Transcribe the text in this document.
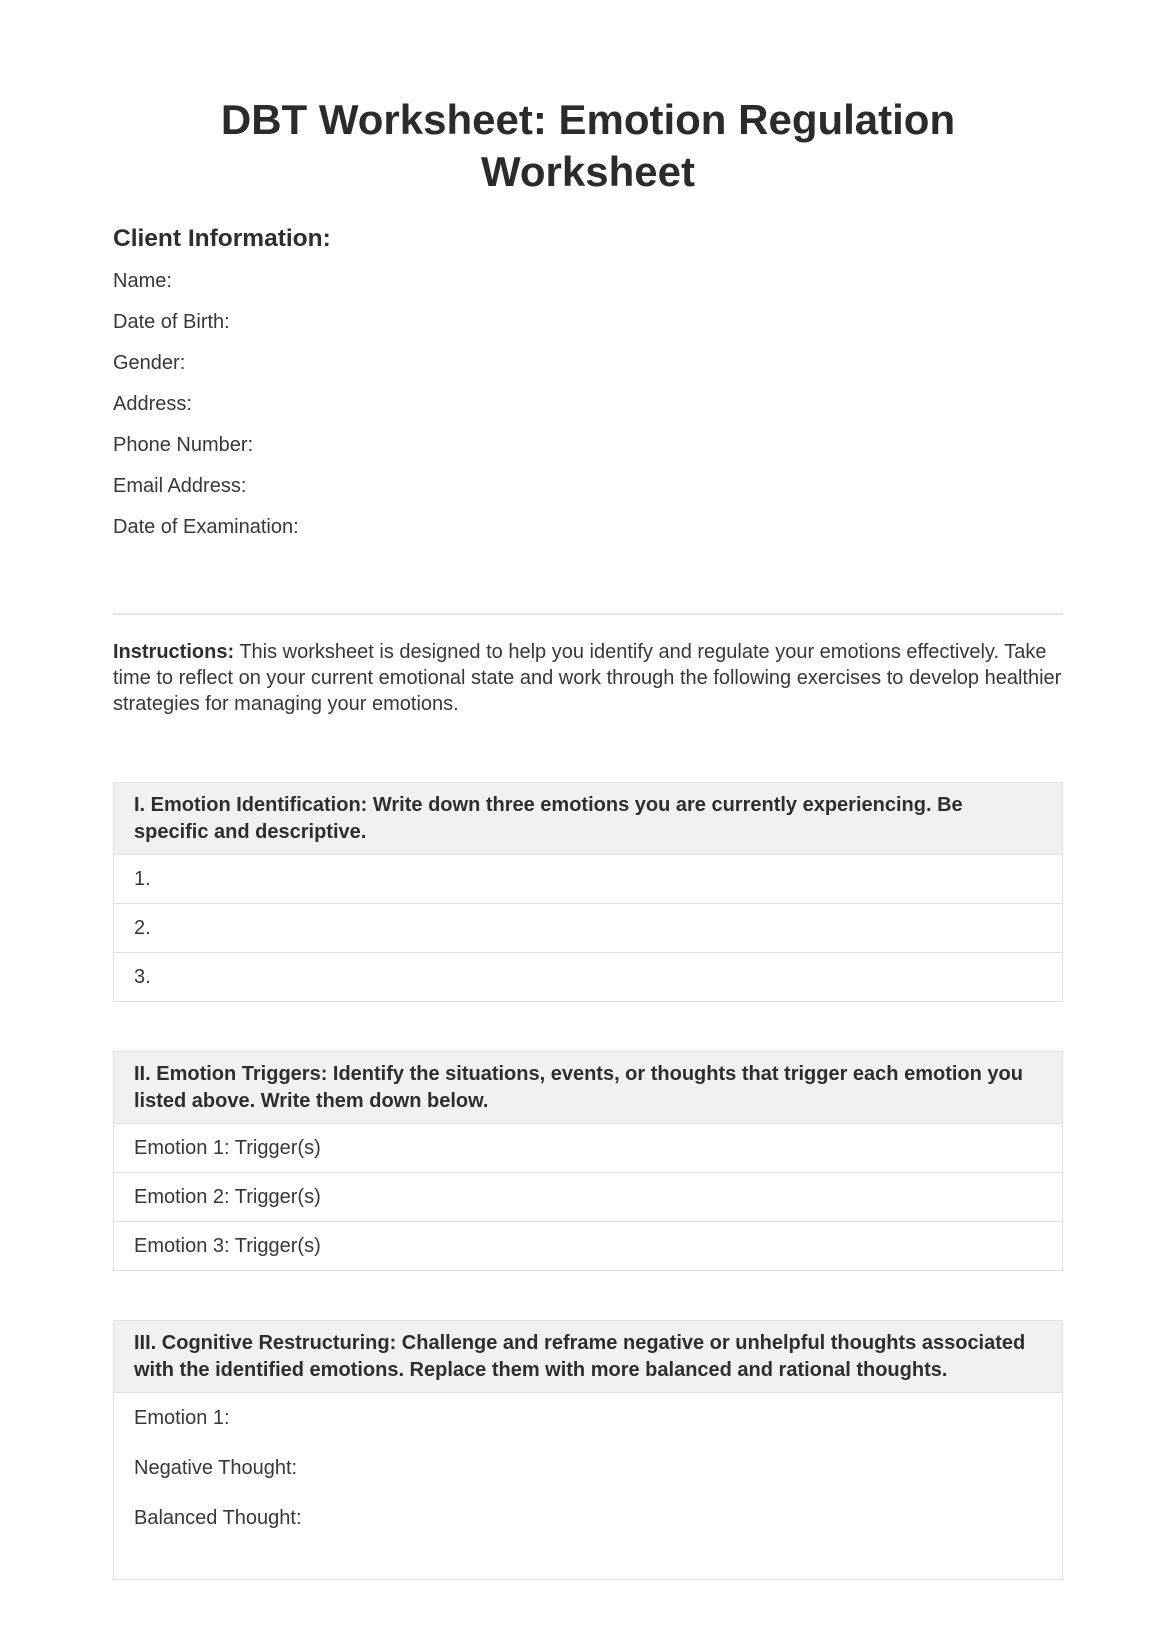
DBT Worksheet: Emotion Regulation Worksheet
Client Information:

Name:

Date of Birth:

Gender:

Address:

Phone Number:

Email Address:

Date of Examination:

Instructions: This worksheet is designed to help you identify and regulate your emotions effectively. Take time to reflect on your current emotional state and work through the following exercises to develop healthier strategies for managing your emotions.

I. Emotion Identification: Write down three emotions you are currently experiencing. Be specific and descriptive.
1.
2.
3.
II. Emotion Triggers: Identify the situations, events, or thoughts that trigger each emotion you listed above. Write them down below.
Emotion 1: Trigger(s)
Emotion 2: Trigger(s)
Emotion 3: Trigger(s)
III. Cognitive Restructuring: Challenge and reframe negative or unhelpful thoughts associated with the identified emotions. Replace them with more balanced and rational thoughts.

Emotion 1:

Negative Thought:

Balanced Thought:
